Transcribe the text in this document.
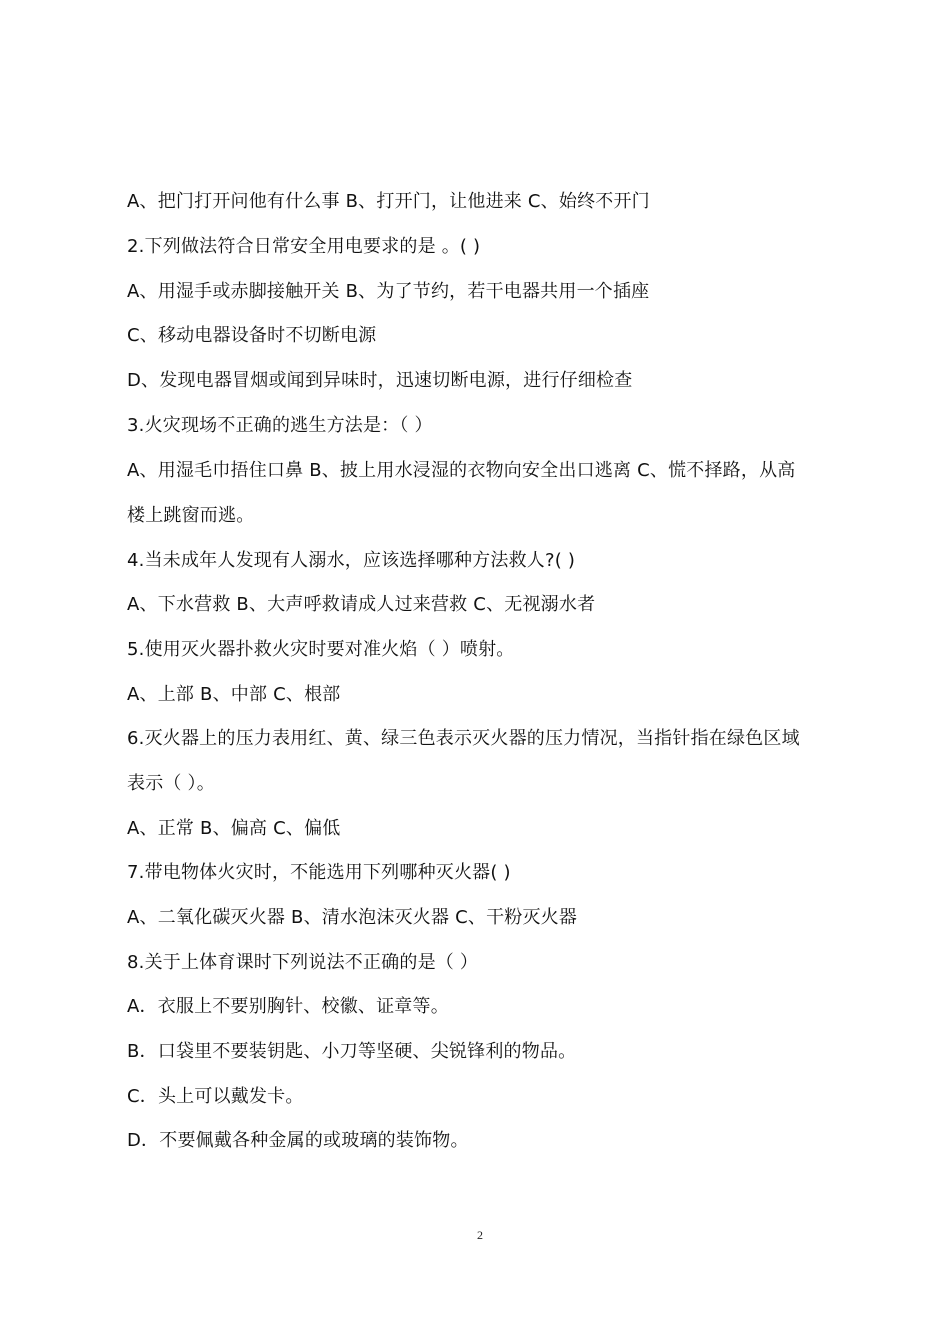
A、把门打开问他有什么事 B、打开门，让他进来 C、始终不开门
2.下列做法符合日常安全用电要求的是 。( )
A、用湿手或赤脚接触开关 B、为了节约，若干电器共用一个插座
C、移动电器设备时不切断电源
D、发现电器冒烟或闻到异味时，迅速切断电源，进行仔细检查
3.火灾现场不正确的逃生方法是：（ ）
A、用湿毛巾捂住口鼻 B、披上用水浸湿的衣物向安全出口逃离 C、慌不择路，从高
楼上跳窗而逃。
4.当未成年人发现有人溺水，应该选择哪种方法救人?( )
A、下水营救 B、大声呼救请成人过来营救 C、无视溺水者
5.使用灭火器扑救火灾时要对准火焰（ ）喷射。
A、上部 B、中部 C、根部
6.灭火器上的压力表用红、黄、绿三色表示灭火器的压力情况，当指针指在绿色区域
表示（ ）。
A、正常 B、偏高 C、偏低
7.带电物体火灾时，不能选用下列哪种灭火器( )
A、二氧化碳灭火器 B、清水泡沫灭火器 C、干粉灭火器
8.关于上体育课时下列说法不正确的是（ ）
A．衣服上不要别胸针、校徽、证章等。
B．口袋里不要装钥匙、小刀等坚硬、尖锐锋利的物品。
C．头上可以戴发卡。
D．不要佩戴各种金属的或玻璃的装饰物。
2
